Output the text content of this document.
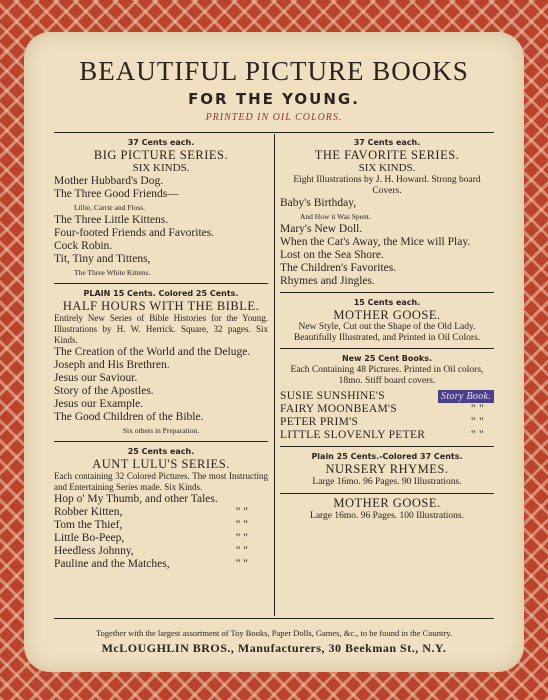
BEAUTIFUL PICTURE BOOKS
FOR THE YOUNG.
PRINTED IN OIL COLORS.
37 Cents each.
BIG PICTURE SERIES.
SIX KINDS.
Mother Hubbard's Dog.
The Three Good Friends—
Lillie, Carrie and Floss.
The Three Little Kittens.
Four-footed Friends and Favorites.
Cock Robin.
Tit, Tiny and Tittens,
The Three White Kittens.
PLAIN 15 Cents. Colored 25 Cents.
HALF HOURS WITH THE BIBLE.
Entirely New Series of Bible Histories for the Young. Illustrations by H. W. Herrick. Square, 32 pages. Six Kinds.
The Creation of the World and the Deluge.
Joseph and His Brethren.
Jesus our Saviour.
Story of the Apostles.
Jesus our Example.
The Good Children of the Bible.
Six others in Preparation.
25 Cents each.
AUNT LULU'S SERIES.
Each containing 32 Colored Pictures. The most Instructing and Entertaining Series made. Six Kinds.
Hop o' My Thumb, and other Tales.
Robber Kitten,	" "
Tom the Thief,	" "
Little Bo-Peep,	" "
Heedless Johnny,	" "
Pauline and the Matches,	" "
37 Cents each.
THE FAVORITE SERIES.
SIX KINDS.
Eight Illustrations by J. H. Howard. Strong board Covers.
Baby's Birthday,
And How it Was Spent.
Mary's New Doll.
When the Cat's Away, the Mice will Play.
Lost on the Sea Shore.
The Children's Favorites.
Rhymes and Jingles.
15 Cents each.
MOTHER GOOSE.
New Style, Cut out the Shape of the Old Lady. Beautifully Illustrated, and Printed in Oil Colors.
New 25 Cent Books.
Each Containing 48 Pictures. Printed in Oil colors, 18mo. Stiff board covers.
SUSIE SUNSHINE'S	Story Book.
FAIRY MOONBEAM'S	" "
PETER PRIM'S	" "
LITTLE SLOVENLY PETER	" "
Plain 25 Cents.-Colored 37 Cents.
NURSERY RHYMES.
Large 16mo. 96 Pages. 90 Illustrations.
MOTHER GOOSE.
Large 16mo. 96 Pages. 100 Illustrations.
Together with the largest assortment of Toy Books, Paper Dolls, Games, &c., to be found in the Country.
McLOUGHLIN BROS., Manufacturers, 30 Beekman St., N.Y.
